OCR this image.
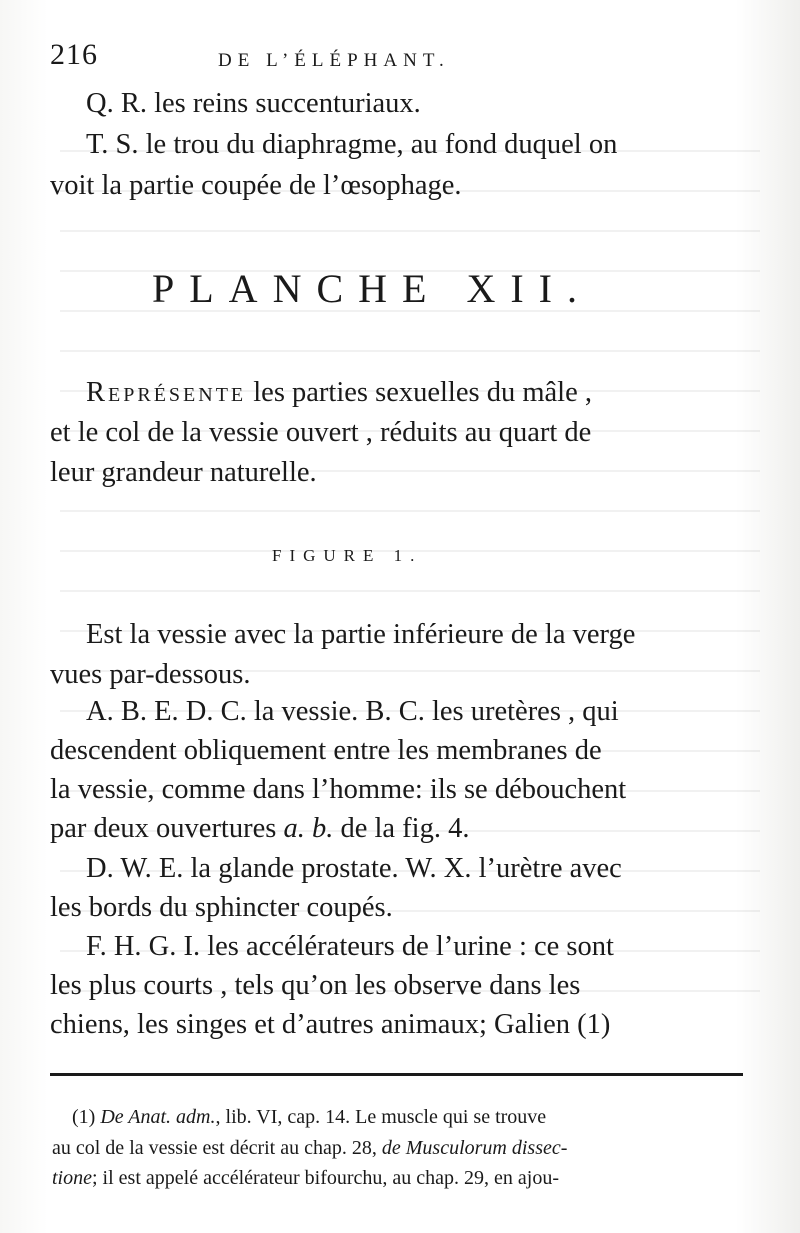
216	DE L’ÉLÉPHANT.
Q. R. les reins succenturiaux.
T. S. le trou du diaphragme, au fond duquel on
voit la partie coupée de l’œsophage.
PLANCHE XII.
Représente les parties sexuelles du mâle ,
et le col de la vessie ouvert , réduits au quart de
leur grandeur naturelle.
FIGURE 1.
Est la vessie avec la partie inférieure de la verge
vues par-dessous.
A. B. E. D. C. la vessie. B. C. les uretères , qui
descendent obliquement entre les membranes de
la vessie, comme dans l’homme: ils se débouchent
par deux ouvertures a. b. de la fig. 4.
D. W. E. la glande prostate. W. X. l’urètre avec
les bords du sphincter coupés.
F. H. G. I. les accélérateurs de l’urine : ce sont
les plus courts , tels qu’on les observe dans les
chiens, les singes et d’autres animaux; Galien (1)
(1) De Anat. adm., lib. VI, cap. 14. Le muscle qui se trouve
au col de la vessie est décrit au chap. 28, de Musculorum dissec-
tione; il est appelé accélérateur bifourchu, au chap. 29, en ajou-
